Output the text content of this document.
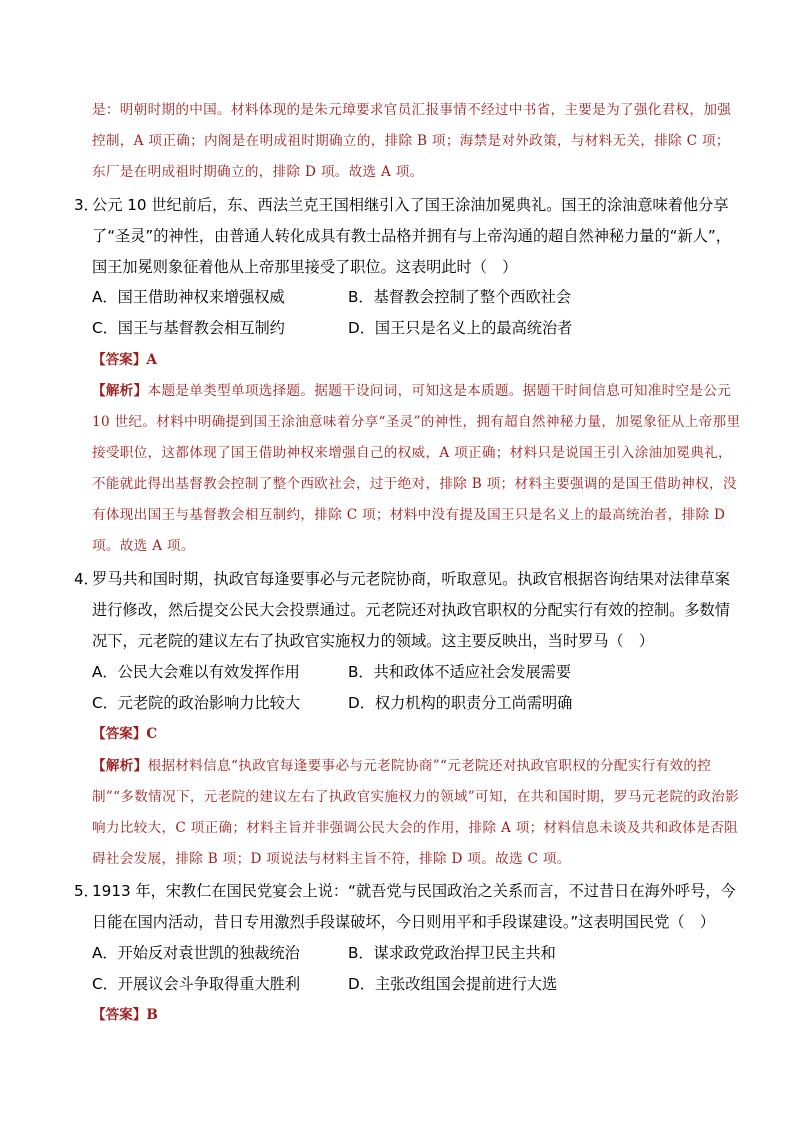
是：明朝时期的中国。材料体现的是朱元璋要求官员汇报事情不经过中书省，主要是为了强化君权，加强控制，A 项正确；内阁是在明成祖时期确立的，排除 B 项；海禁是对外政策，与材料无关，排除 C 项；东厂是在明成祖时期确立的，排除 D 项。故选 A 项。

3．

公元 10 世纪前后，东、西法兰克王国相继引入了国王涂油加冕典礼。国王的涂油意味着他分享了“圣灵”的神性，由普通人转化成具有教士品格并拥有与上帝沟通的超自然神秘力量的“新人”，国王加冕则象征着他从上帝那里接受了职位。这表明此时（　）

A．国王借助神权来增强权威	B．基督教会控制了整个西欧社会
C．国王与基督教会相互制约	D．国王只是名义上的最高统治者
【答案】A

【解析】本题是单类型单项选择题。据题干设问词，可知这是本质题。据题干时间信息可知准时空是公元 10 世纪。材料中明确提到国王涂油意味着分享“圣灵”的神性，拥有超自然神秘力量，加冕象征从上帝那里接受职位，这都体现了国王借助神权来增强自己的权威，A 项正确；材料只是说国王引入涂油加冕典礼，不能就此得出基督教会控制了整个西欧社会，过于绝对，排除 B 项；材料主要强调的是国王借助神权，没有体现出国王与基督教会相互制约，排除 C 项；材料中没有提及国王只是名义上的最高统治者，排除 D 项。故选 A 项。

4．

罗马共和国时期，执政官每逢要事必与元老院协商，听取意见。执政官根据咨询结果对法律草案进行修改，然后提交公民大会投票通过。元老院还对执政官职权的分配实行有效的控制。多数情况下，元老院的建议左右了执政官实施权力的领域。这主要反映出，当时罗马（　）

A．公民大会难以有效发挥作用	B．共和政体不适应社会发展需要
C．元老院的政治影响力比较大	D．权力机构的职责分工尚需明确
【答案】C

【解析】根据材料信息“执政官每逢要事必与元老院协商”“元老院还对执政官职权的分配实行有效的控制”“多数情况下，元老院的建议左右了执政官实施权力的领域”可知，在共和国时期，罗马元老院的政治影响力比较大，C 项正确；材料主旨并非强调公民大会的作用，排除 A 项；材料信息未谈及共和政体是否阻碍社会发展，排除 B 项；D 项说法与材料主旨不符，排除 D 项。故选 C 项。

5．

1913 年，宋教仁在国民党宴会上说：“就吾党与民国政治之关系而言，不过昔日在海外呼号，今日能在国内活动，昔日专用激烈手段谋破坏，今日则用平和手段谋建设。”这表明国民党（　）

A．开始反对袁世凯的独裁统治	B．谋求政党政治捍卫民主共和
C．开展议会斗争取得重大胜利	D．主张改组国会提前进行大选
【答案】B
